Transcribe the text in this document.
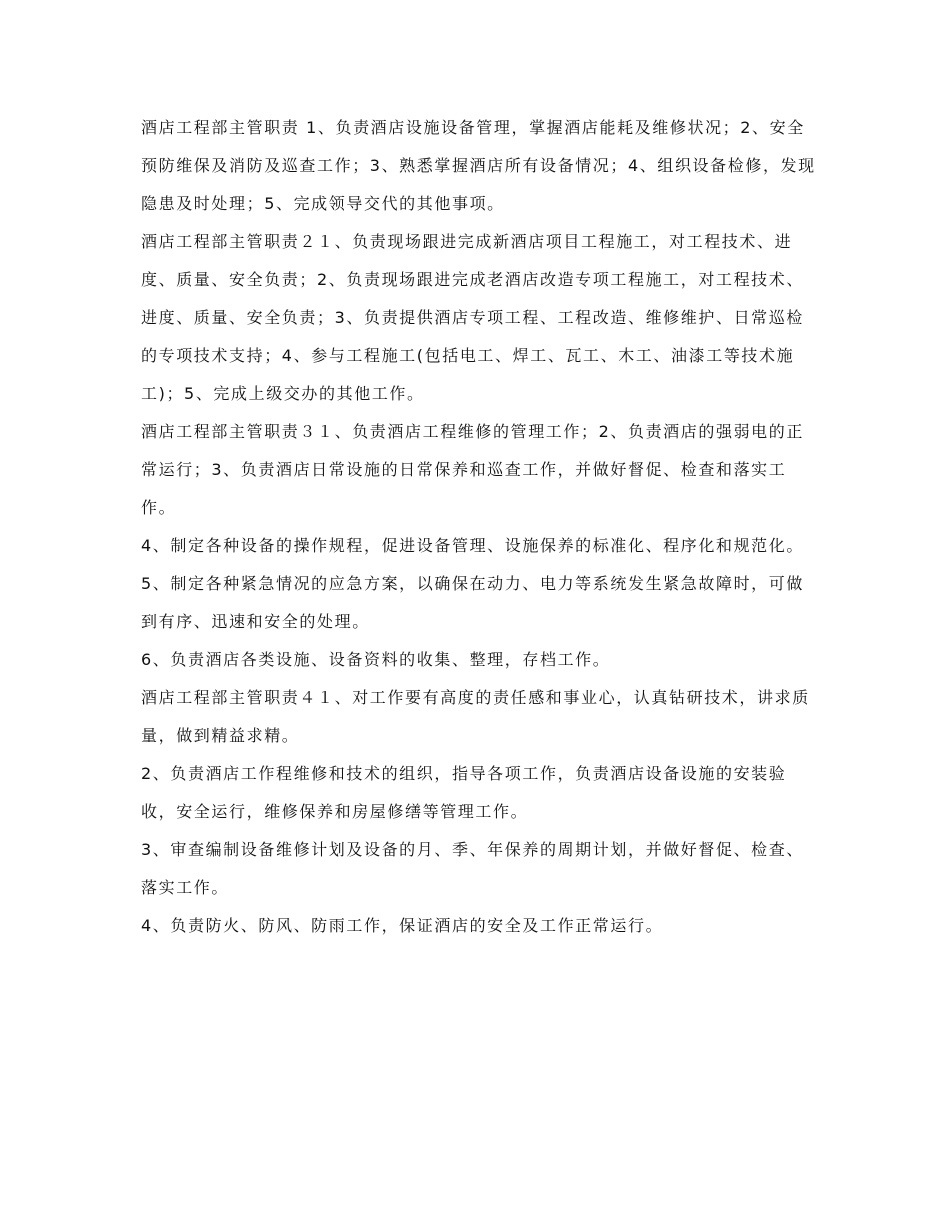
酒店工程部主管职责 1、负责酒店设施设备管理，掌握酒店能耗及维修状况；2、安全预防维保及消防及巡查工作；3、熟悉掌握酒店所有设备情况；4、组织设备检修，发现隐患及时处理；5、完成领导交代的其他事项。

酒店工程部主管职责２１、负责现场跟进完成新酒店项目工程施工，对工程技术、进度、质量、安全负责；2、负责现场跟进完成老酒店改造专项工程施工，对工程技术、进度、质量、安全负责；3、负责提供酒店专项工程、工程改造、维修维护、日常巡检的专项技术支持；4、参与工程施工(包括电工、焊工、瓦工、木工、油漆工等技术施工)；5、完成上级交办的其他工作。

酒店工程部主管职责３１、负责酒店工程维修的管理工作；2、负责酒店的强弱电的正常运行；3、负责酒店日常设施的日常保养和巡查工作，并做好督促、检查和落实工作。

4、制定各种设备的操作规程，促进设备管理、设施保养的标准化、程序化和规范化。

5、制定各种紧急情况的应急方案，以确保在动力、电力等系统发生紧急故障时，可做到有序、迅速和安全的处理。

6、负责酒店各类设施、设备资料的收集、整理，存档工作。

酒店工程部主管职责４１、对工作要有高度的责任感和事业心，认真钻研技术，讲求质量，做到精益求精。

2、负责酒店工作程维修和技术的组织，指导各项工作，负责酒店设备设施的安装验收，安全运行，维修保养和房屋修缮等管理工作。

3、审查编制设备维修计划及设备的月、季、年保养的周期计划，并做好督促、检查、落实工作。

4、负责防火、防风、防雨工作，保证酒店的安全及工作正常运行。
